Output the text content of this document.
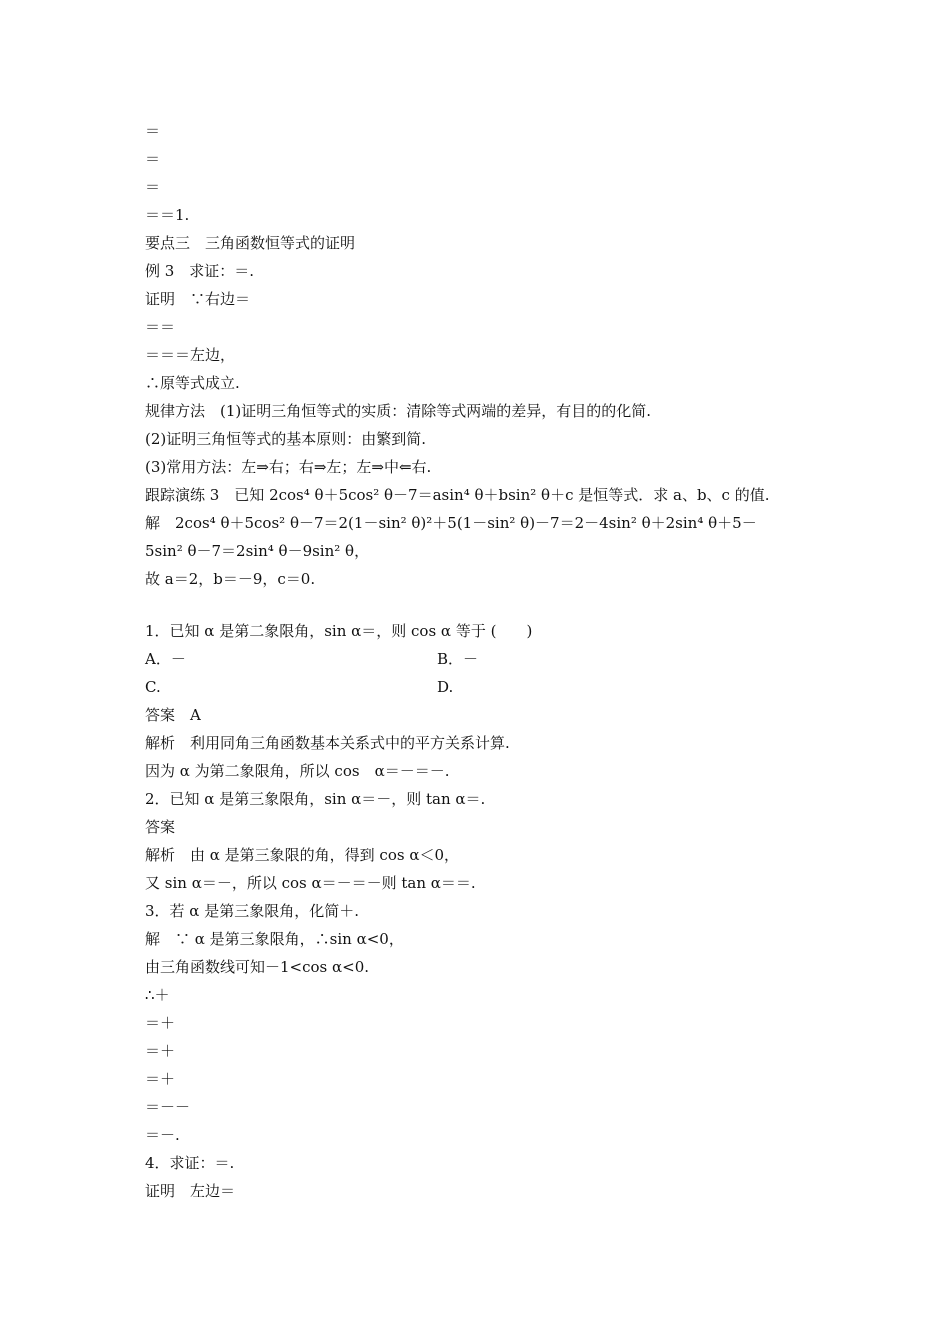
＝
＝
＝
＝＝1.
要点三　三角函数恒等式的证明
例 3　求证：＝.
证明　∵右边＝
＝＝
＝＝＝左边，
∴原等式成立.
规律方法　(1)证明三角恒等式的实质：清除等式两端的差异，有目的的化简.
(2)证明三角恒等式的基本原则：由繁到简.
(3)常用方法：左⇒右；右⇒左；左⇒中⇐右.
跟踪演练 3　已知 2cos⁴ θ＋5cos² θ－7＝asin⁴ θ＋bsin² θ＋c 是恒等式．求 a、b、c 的值.
解　2cos⁴ θ＋5cos² θ－7＝2(1－sin² θ)²＋5(1－sin² θ)－7＝2－4sin² θ＋2sin⁴ θ＋5－
5sin² θ－7＝2sin⁴ θ－9sin² θ，
故 a＝2，b＝－9，c＝0.
1．已知 α 是第二象限角，sin α＝，则 cos α 等于 (　　)
A．－	B．－
C.	D.
答案　A
解析　利用同角三角函数基本关系式中的平方关系计算.
因为 α 为第二象限角，所以 cos　α＝－＝－.
2．已知 α 是第三象限角，sin α＝－，则 tan α＝.
答案
解析　由 α 是第三象限的角，得到 cos α＜0，
又 sin α＝－，所以 cos α＝－＝－则 tan α＝＝.
3．若 α 是第三象限角，化简＋.
解　∵ α 是第三象限角，∴sin α<0，
由三角函数线可知－1<cos α<0.
∴＋
＝＋
＝＋
＝＋
＝－－
＝－.
4．求证：＝.
证明　左边＝
